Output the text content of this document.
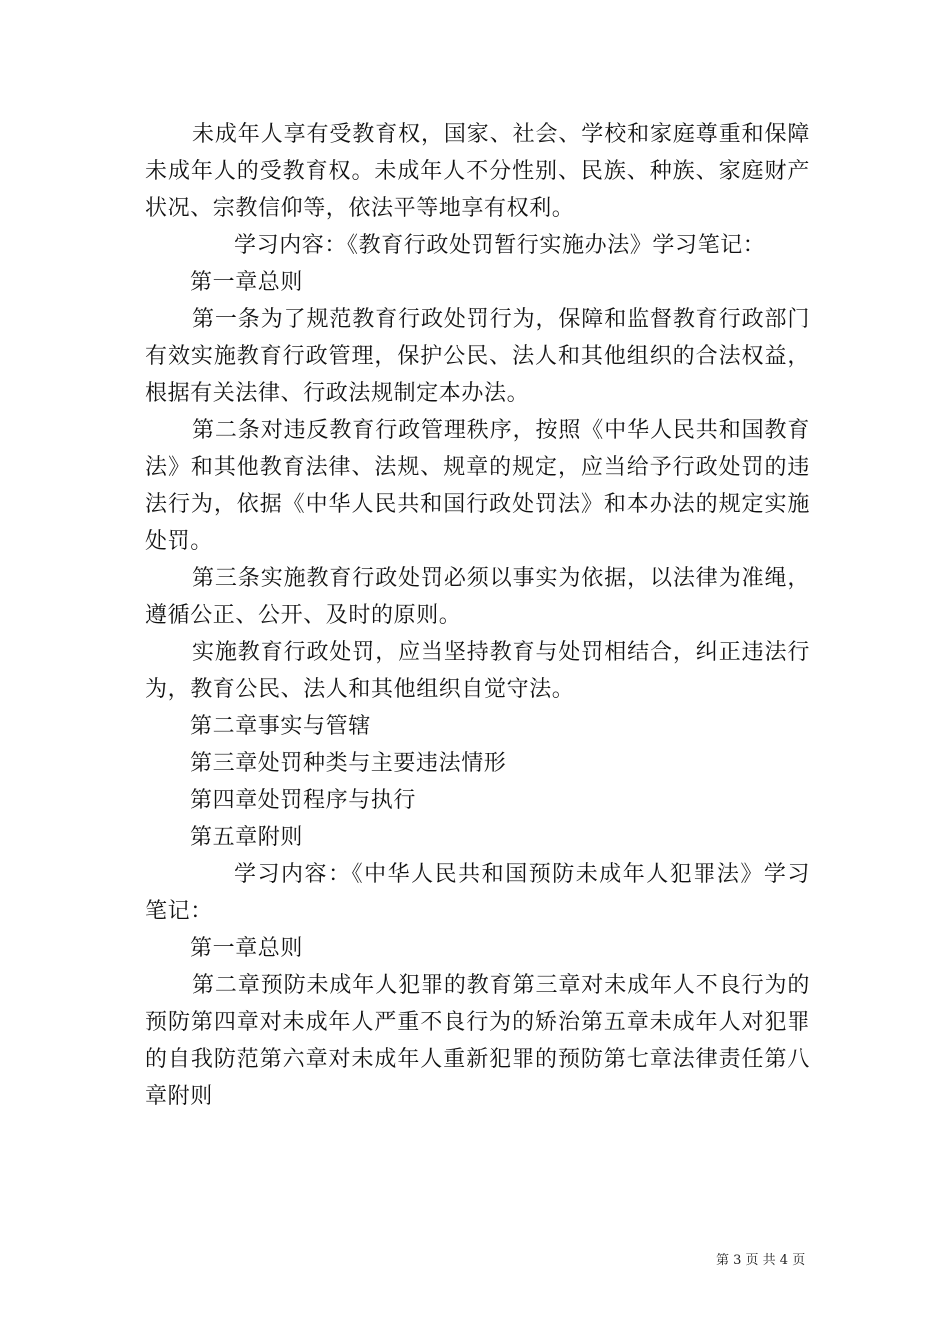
未成年人享有受教育权，国家、社会、学校和家庭尊重和保障未成年人的受教育权。未成年人不分性别、民族、种族、家庭财产状况、宗教信仰等，依法平等地享有权利。

学习内容：《教育行政处罚暂行实施办法》学习笔记：

第一章总则

第一条为了规范教育行政处罚行为，保障和监督教育行政部门有效实施教育行政管理，保护公民、法人和其他组织的合法权益，根据有关法律、行政法规制定本办法。

第二条对违反教育行政管理秩序，按照《中华人民共和国教育法》和其他教育法律、法规、规章的规定，应当给予行政处罚的违法行为，依据《中华人民共和国行政处罚法》和本办法的规定实施处罚。

第三条实施教育行政处罚必须以事实为依据，以法律为准绳，遵循公正、公开、及时的原则。

实施教育行政处罚，应当坚持教育与处罚相结合，纠正违法行为，教育公民、法人和其他组织自觉守法。

第二章事实与管辖

第三章处罚种类与主要违法情形

第四章处罚程序与执行

第五章附则

学习内容：《中华人民共和国预防未成年人犯罪法》学习笔记：

第一章总则

第二章预防未成年人犯罪的教育第三章对未成年人不良行为的预防第四章对未成年人严重不良行为的矫治第五章未成年人对犯罪的自我防范第六章对未成年人重新犯罪的预防第七章法律责任第八章附则

第 3 页 共 4 页
